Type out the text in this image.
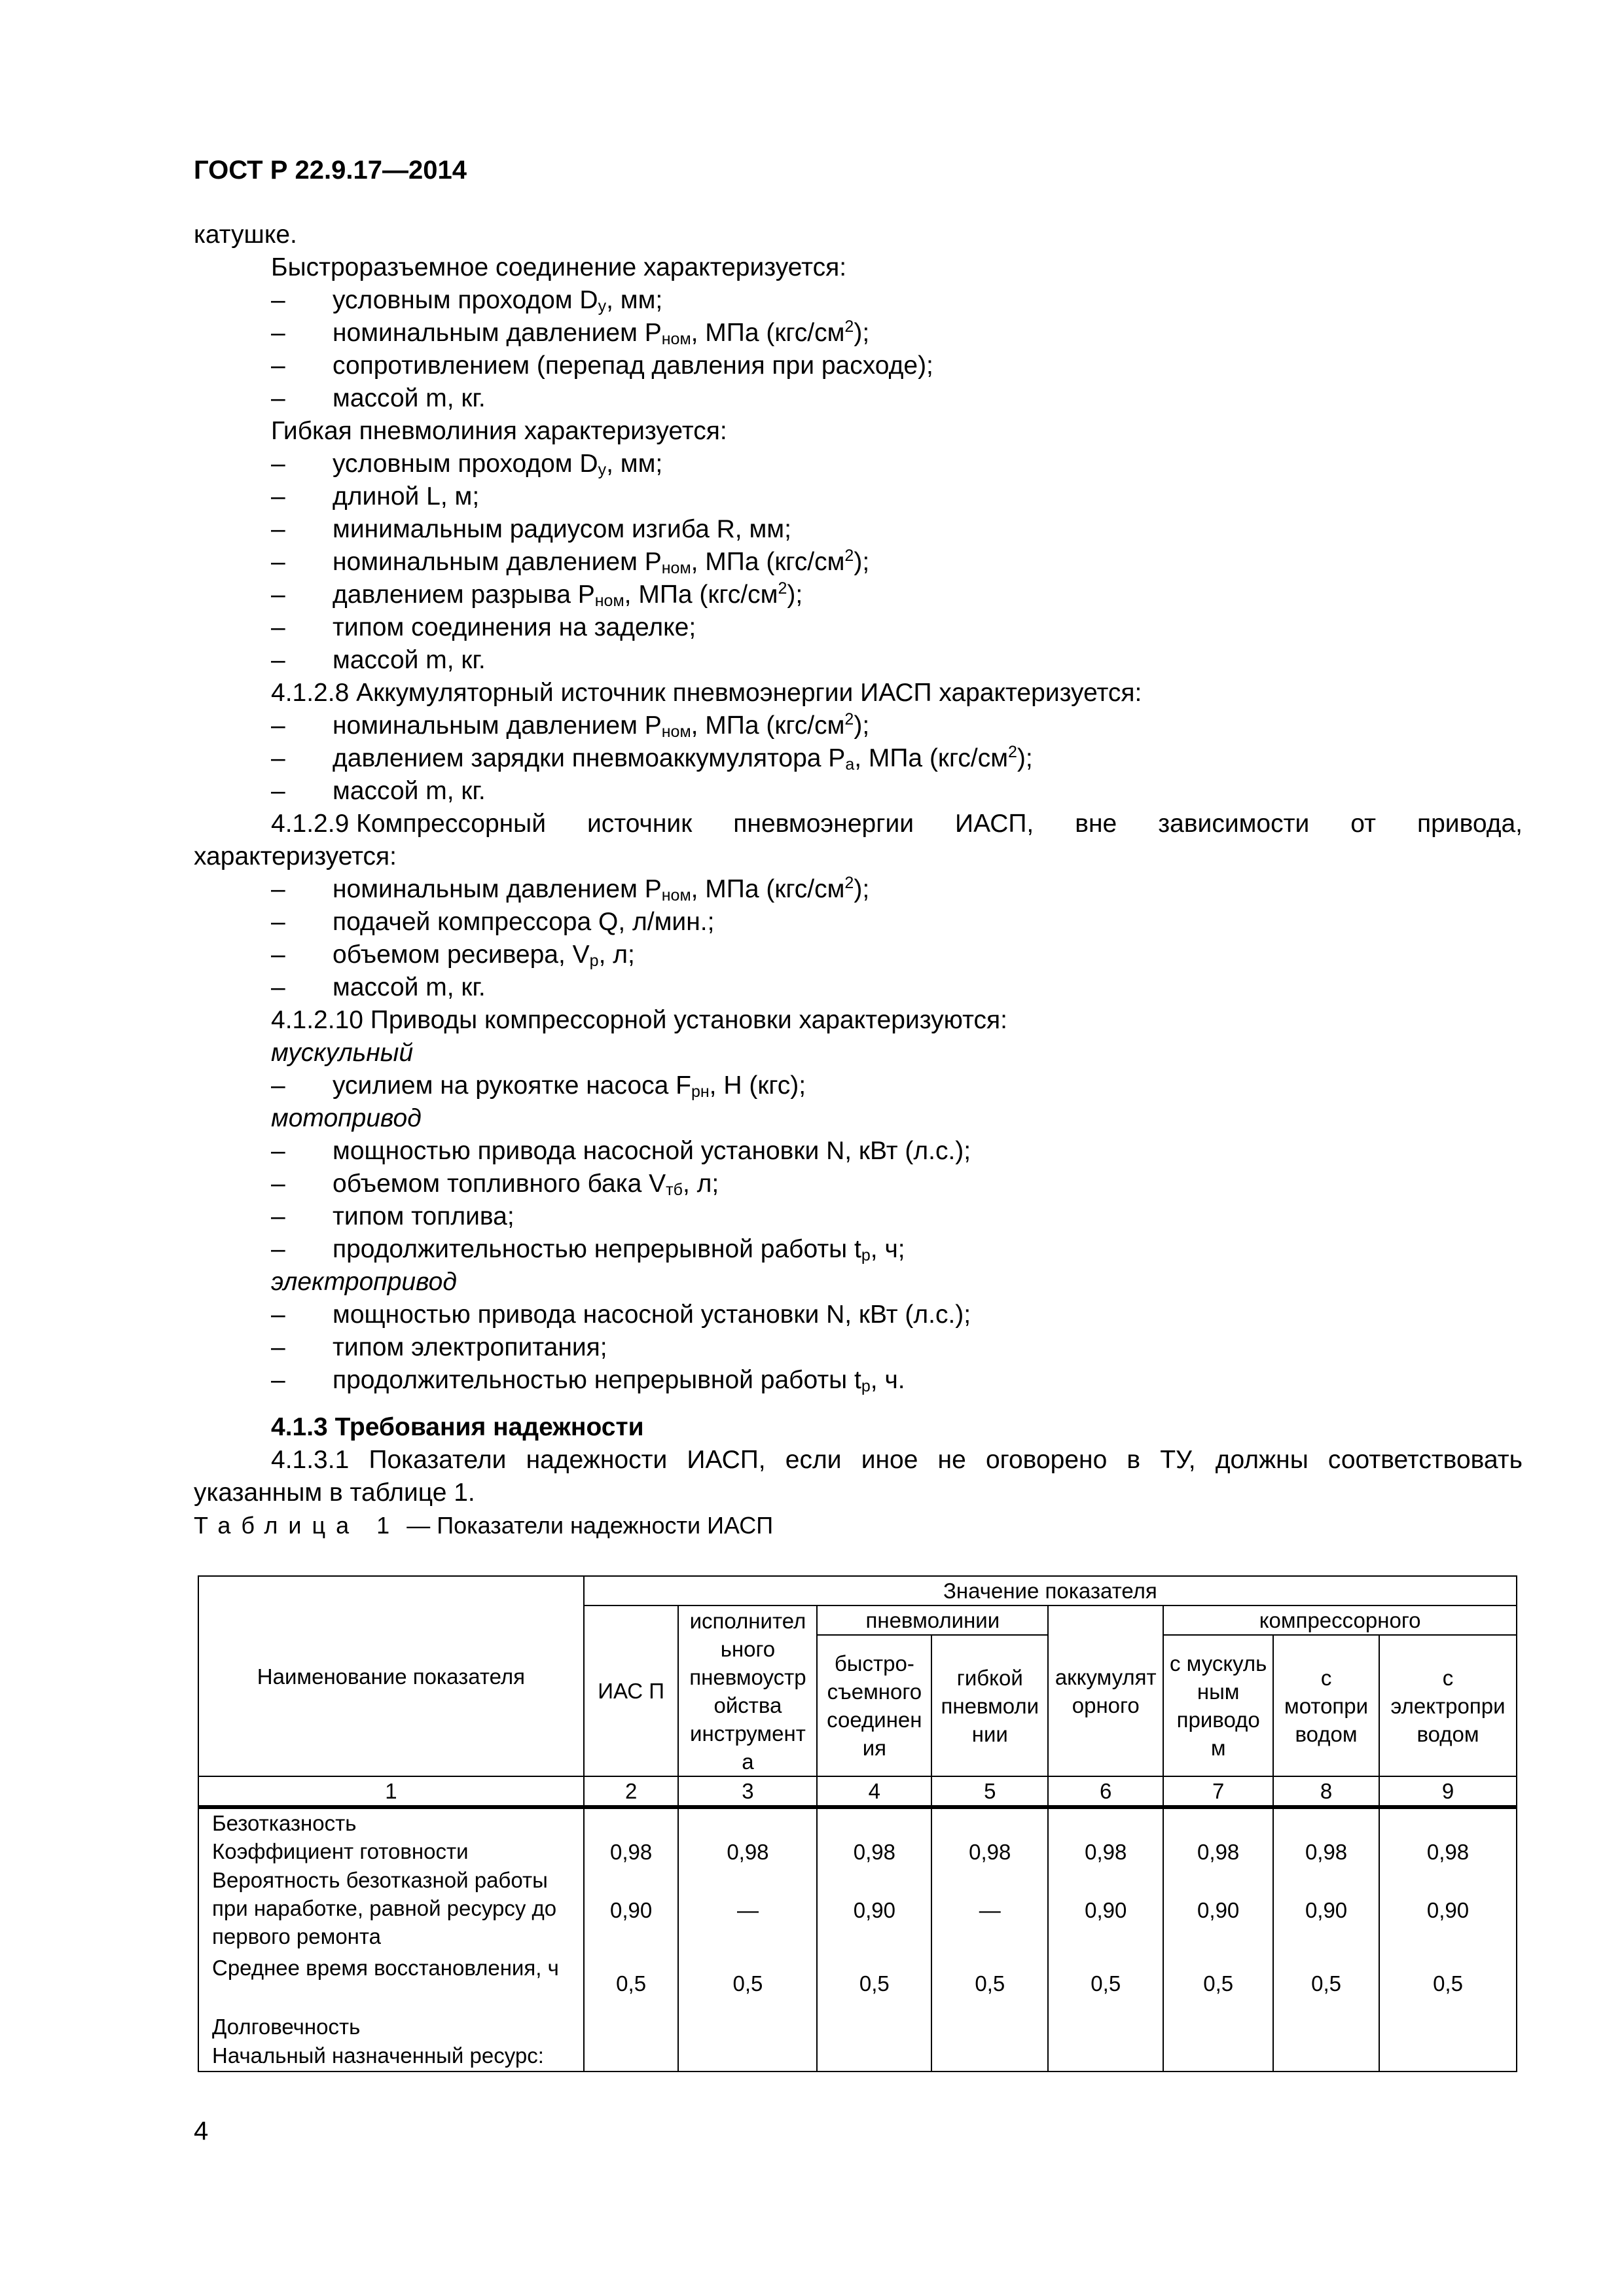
ГОСТ Р 22.9.17—2014
катушке.
Быстроразъемное соединение характеризуется:
– условным проходом $D_у$, мм;
– номинальным давлением $Р_{ном}$, МПа $(кгс/см^2)$;
– сопротивлением (перепад давления при расходе);
– массой m, кг.
Гибкая пневмолиния характеризуется:
– условным проходом $D_у$, мм;
– длиной L, м;
– минимальным радиусом изгиба R, мм;
– номинальным давлением $Р_{ном}$, МПа $(кгс/см^2)$;
– давлением разрыва $Р_{ном}$, МПа $(кгс/см^2)$;
– типом соединения на заделке;
– массой m, кг.
4.1.2.8 Аккумуляторный источник пневмоэнергии ИАСП характеризуется:
– номинальным давлением $Р_{ном}$, МПа $(кгс/см^2)$;
– давлением зарядки пневмоаккумулятора $Р_а$, МПа $(кгс/см^2)$;
– массой m, кг.
4.1.2.9 Компрессорный источник пневмоэнергии ИАСП, вне зависимости от привода,
характеризуется:
– номинальным давлением $Р_{ном}$, МПа $(кгс/см^2)$;
– подачей компрессора Q, л/мин.;
– объемом ресивера, $V_р$, л;
– массой m, кг.
4.1.2.10 Приводы компрессорной установки характеризуются:
мускульный
– усилием на рукоятке насоса $F_{рн}$, Н (кгс);
мотопривод
– мощностью привода насосной установки N, кВт (л.с.);
– объемом топливного бака $V_{тб}$, л;
– типом топлива;
– продолжительностью непрерывной работы $t_р$, ч;
электропривод
– мощностью привода насосной установки N, кВт (л.с.);
– типом электропитания;
– продолжительностью непрерывной работы $t_р$, ч.
4.1.3 Требования надежности
4.1.3.1 Показатели надежности ИАСП, если иное не оговорено в ТУ, должны соответствовать
указанным в таблице 1.
Таблица 1 — Показатели надежности ИАСП
Наименование показателя	Значение показателя							
	ИАС П	исполнител ьного пневмоустр ойства инструмент а	пневмолинии		аккумулят орного	компрессорного		
			быстро-съемного соединен ия	гибкой пневмоли нии		с мускуль ным приводо м	с мотопри водом	с электропри водом
1	2	3	4	5	6	7	8	9
Безотказность								
Коэффициент готовности	0,98	0,98	0,98	0,98	0,98	0,98	0,98	0,98
Вероятность безотказной работы при наработке, равной ресурсу до первого ремонта	0,90	—	0,90	—	0,90	0,90	0,90	0,90
Среднее время восстановления, ч	0,5	0,5	0,5	0,5	0,5	0,5	0,5	0,5
Долговечность								
Начальный назначенный ресурс:								
4
